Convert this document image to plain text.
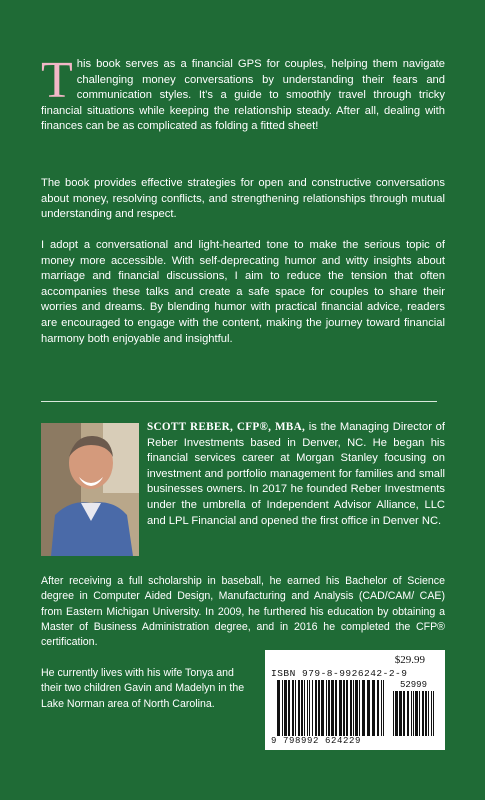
This book serves as a financial GPS for couples, helping them navigate challenging money conversations by understanding their fears and communication styles. It’s a guide to smoothly travel through tricky financial situations while keeping the relationship steady. After all, dealing with finances can be as complicated as folding a fitted sheet!

The book provides effective strategies for open and constructive conversations about money, resolving conflicts, and strengthening relationships through mutual understanding and respect.

I adopt a conversational and light-hearted tone to make the serious topic of money more accessible. With self-deprecating humor and witty insights about marriage and financial discussions, I aim to reduce the tension that often accompanies these talks and create a safe space for couples to share their worries and dreams. By blending humor with practical financial advice, readers are encouraged to engage with the content, making the journey toward financial harmony both enjoyable and insightful.

SCOTT REBER, CFP®, MBA, is the Managing Director of Reber Investments based in Denver, NC. He began his financial services career at Morgan Stanley focusing on investment and portfolio management for families and small businesses owners. In 2017 he founded Reber Investments under the umbrella of Independent Advisor Alliance, LLC and LPL Financial and opened the first office in Denver NC.

After receiving a full scholarship in baseball, he earned his Bachelor of Science degree in Computer Aided Design, Manufacturing and Analysis (CAD/CAM/ CAE) from Eastern Michigan University. In 2009, he furthered his education by obtaining a Master of Business Administration degree, and in 2016 he completed the CFP® certification.

He currently lives with his wife Tonya and their two children Gavin and Madelyn in the Lake Norman area of North Carolina.

$29.99
ISBN 979-8-9926242-2-9
52999
9 798992 624229
